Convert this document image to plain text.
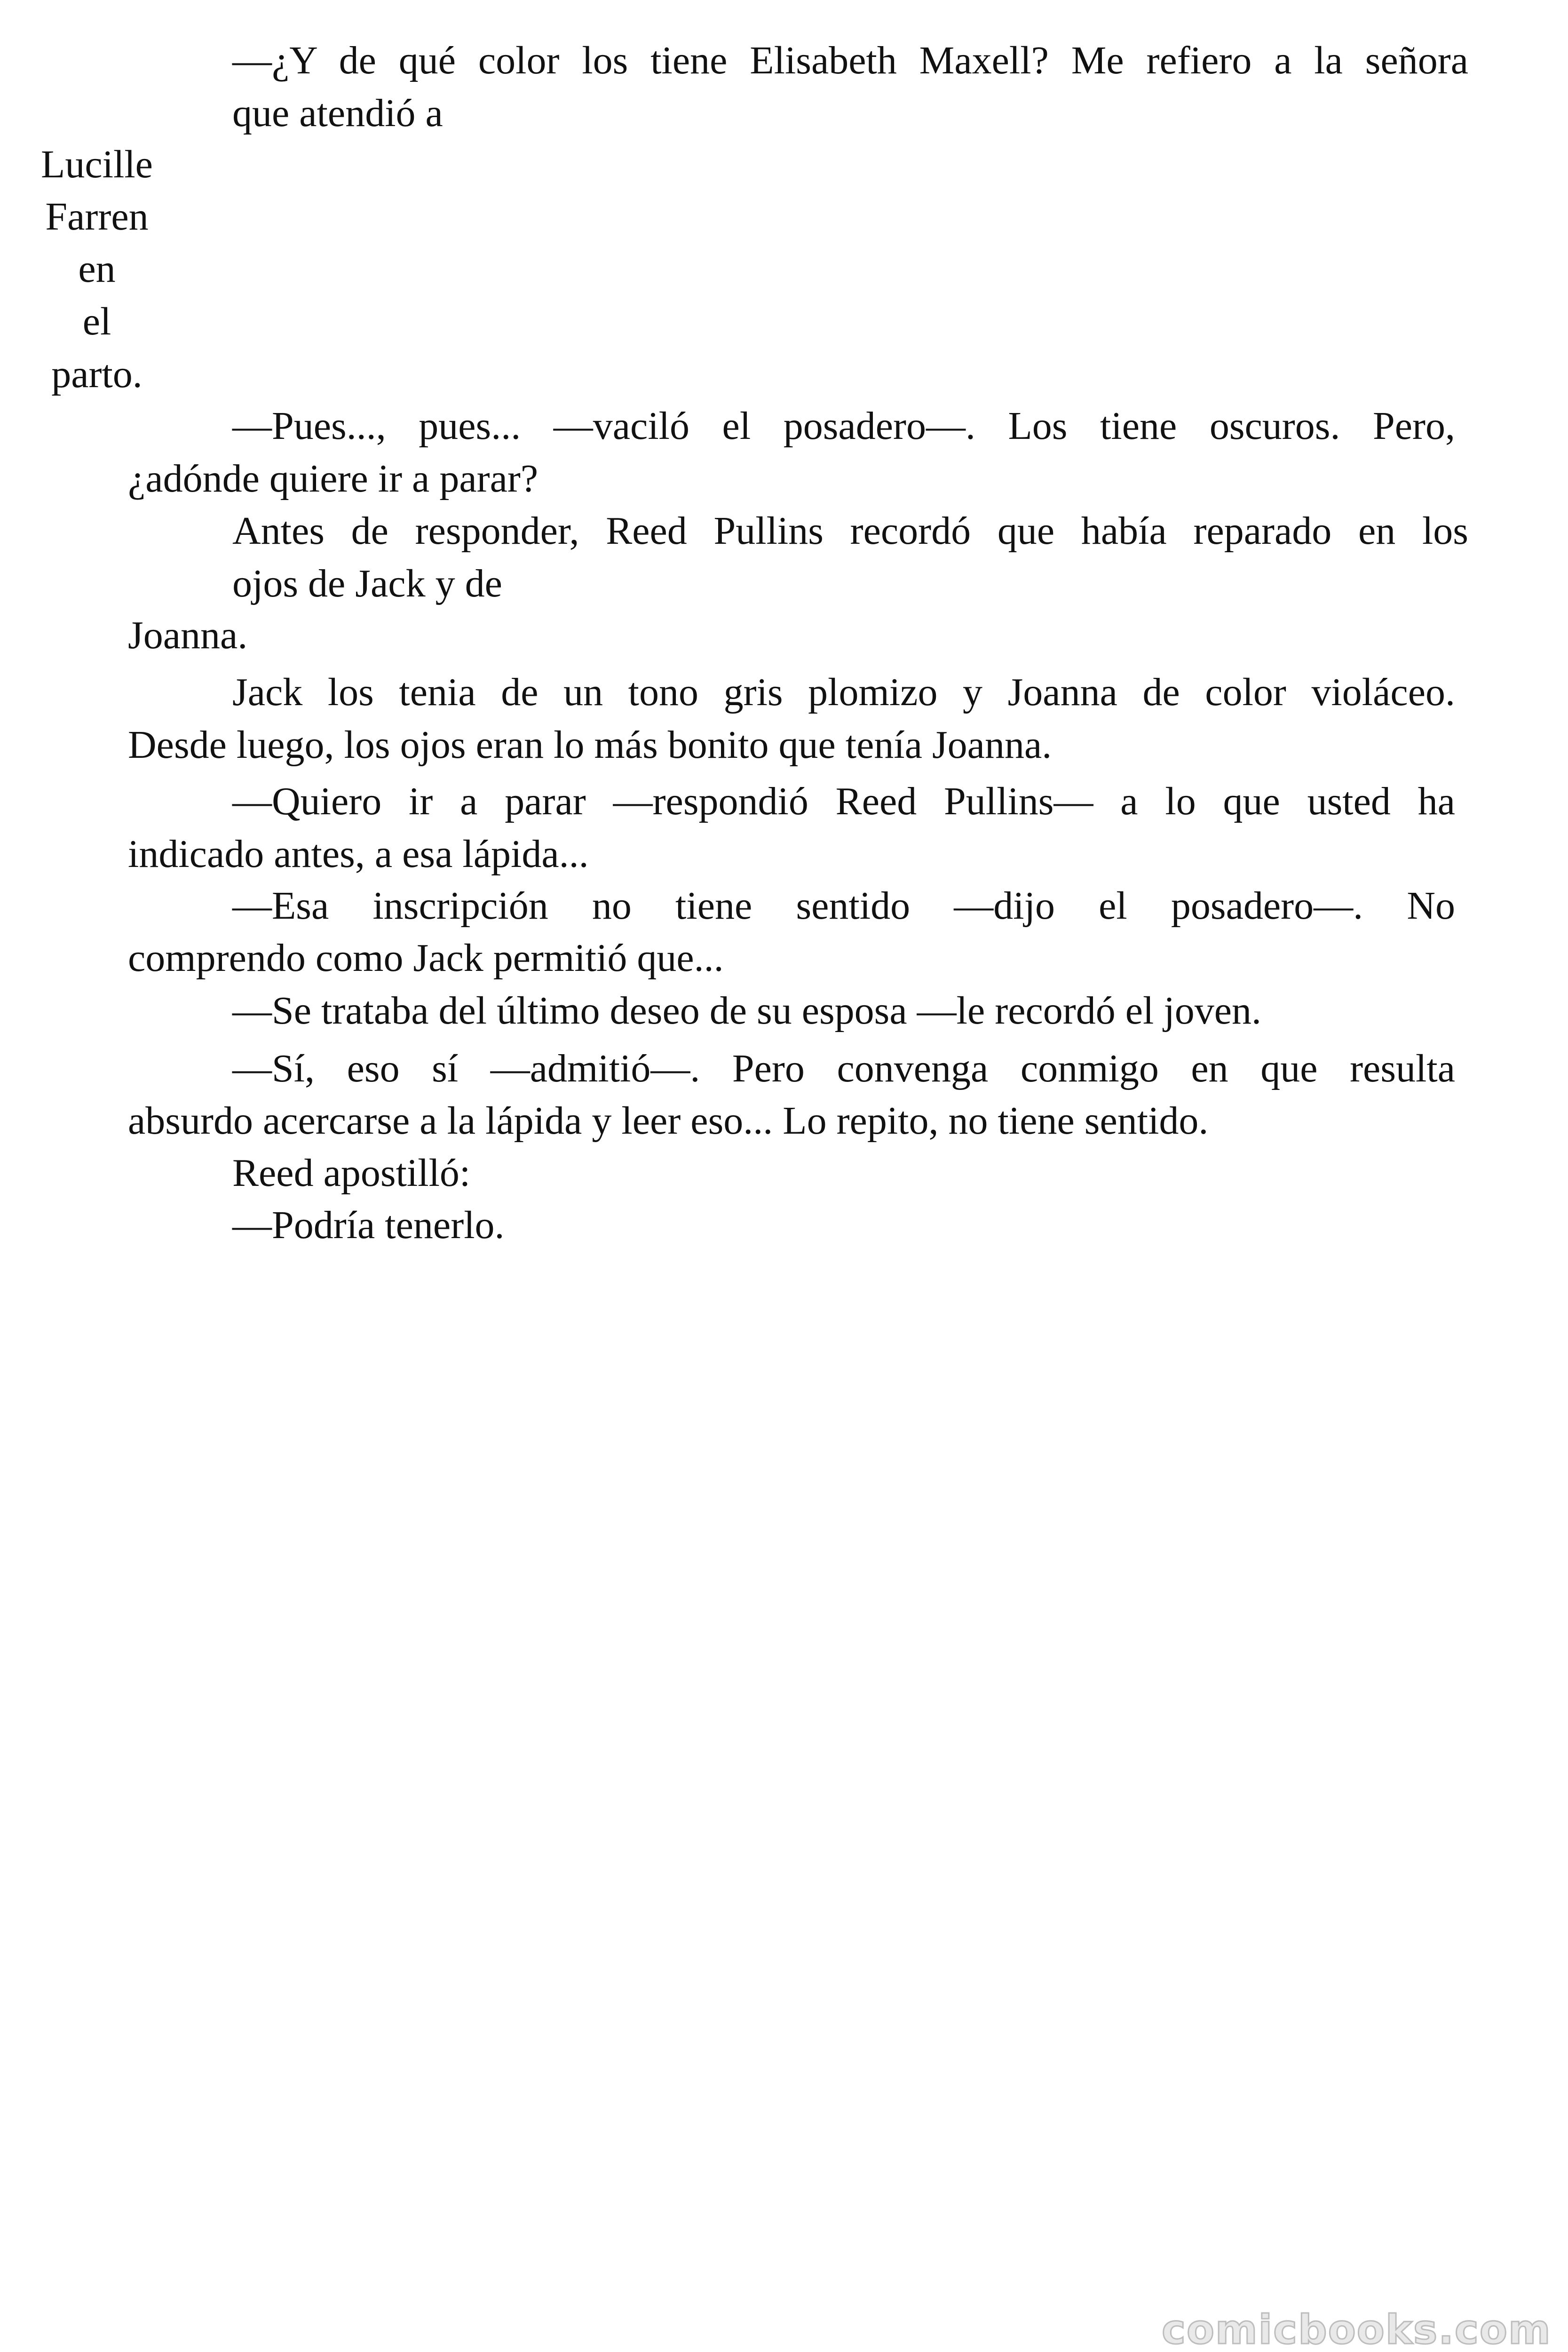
—¿Y de qué color los tiene Elisabeth Maxell? Me refiero a la señora
que atendió a
Lucille
Farren
en
el
parto.
—Pues..., pues... —vaciló el posadero—. Los tiene oscuros. Pero,
¿adónde quiere ir a parar?
Antes de responder, Reed Pullins recordó que había reparado en los
ojos de Jack y de
Joanna.
Jack los tenia de un tono gris plomizo y Joanna de color violáceo.
Desde luego, los ojos eran lo más bonito que tenía Joanna.
—Quiero ir a parar —respondió Reed Pullins— a lo que usted ha
indicado antes, a esa lápida...
—Esa inscripción no tiene sentido —dijo el posadero—. No
comprendo como Jack permitió que...
—Se trataba del último deseo de su esposa —le recordó el joven.
—Sí, eso sí —admitió—. Pero convenga conmigo en que resulta
absurdo acercarse a la lápida y leer eso... Lo repito, no tiene sentido.
Reed apostilló:
—Podría tenerlo.
comicbooks.com
